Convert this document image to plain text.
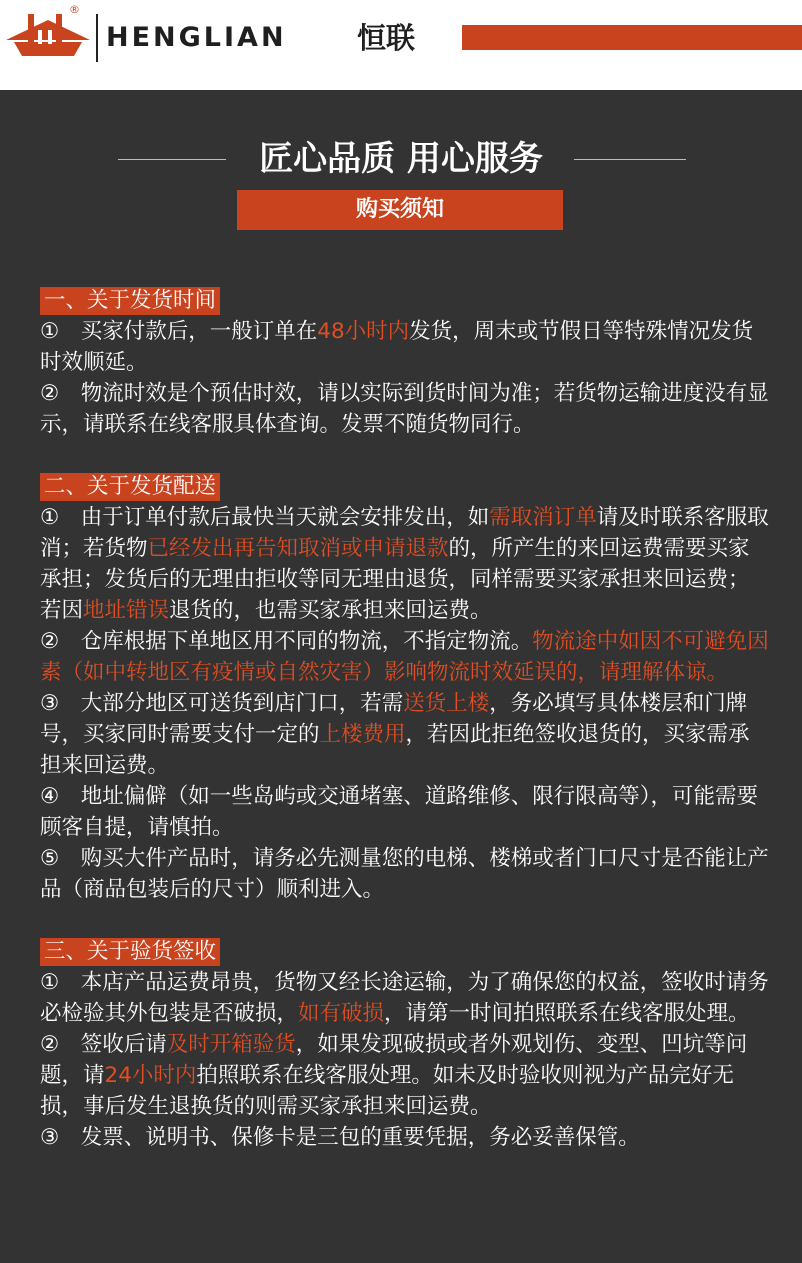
®
HENGLIAN 恒联
匠心品质 用心服务
购买须知
一、关于发货时间

①　买家付款后，一般订单在48小时内发货，周末或节假日等特殊情况发货时效顺延。

②　物流时效是个预估时效，请以实际到货时间为准；若货物运输进度没有显示，请联系在线客服具体查询。发票不随货物同行。

二、关于发货配送

①　由于订单付款后最快当天就会安排发出，如需取消订单请及时联系客服取消；若货物已经发出再告知取消或申请退款的，所产生的来回运费需要买家承担；发货后的无理由拒收等同无理由退货，同样需要买家承担来回运费；若因地址错误退货的，也需买家承担来回运费。

②　仓库根据下单地区用不同的物流，不指定物流。物流途中如因不可避免因素（如中转地区有疫情或自然灾害）影响物流时效延误的，请理解体谅。

③　大部分地区可送货到店门口，若需送货上楼，务必填写具体楼层和门牌号，买家同时需要支付一定的上楼费用，若因此拒绝签收退货的，买家需承担来回运费。

④　地址偏僻（如一些岛屿或交通堵塞、道路维修、限行限高等），可能需要顾客自提，请慎拍。

⑤　购买大件产品时，请务必先测量您的电梯、楼梯或者门口尺寸是否能让产品（商品包装后的尺寸）顺利进入。

三、关于验货签收

①　本店产品运费昂贵，货物又经长途运输，为了确保您的权益，签收时请务必检验其外包装是否破损，如有破损，请第一时间拍照联系在线客服处理。

②　签收后请及时开箱验货，如果发现破损或者外观划伤、变型、凹坑等问题，请24小时内拍照联系在线客服处理。如未及时验收则视为产品完好无损，事后发生退换货的则需买家承担来回运费。

③　发票、说明书、保修卡是三包的重要凭据，务必妥善保管。
